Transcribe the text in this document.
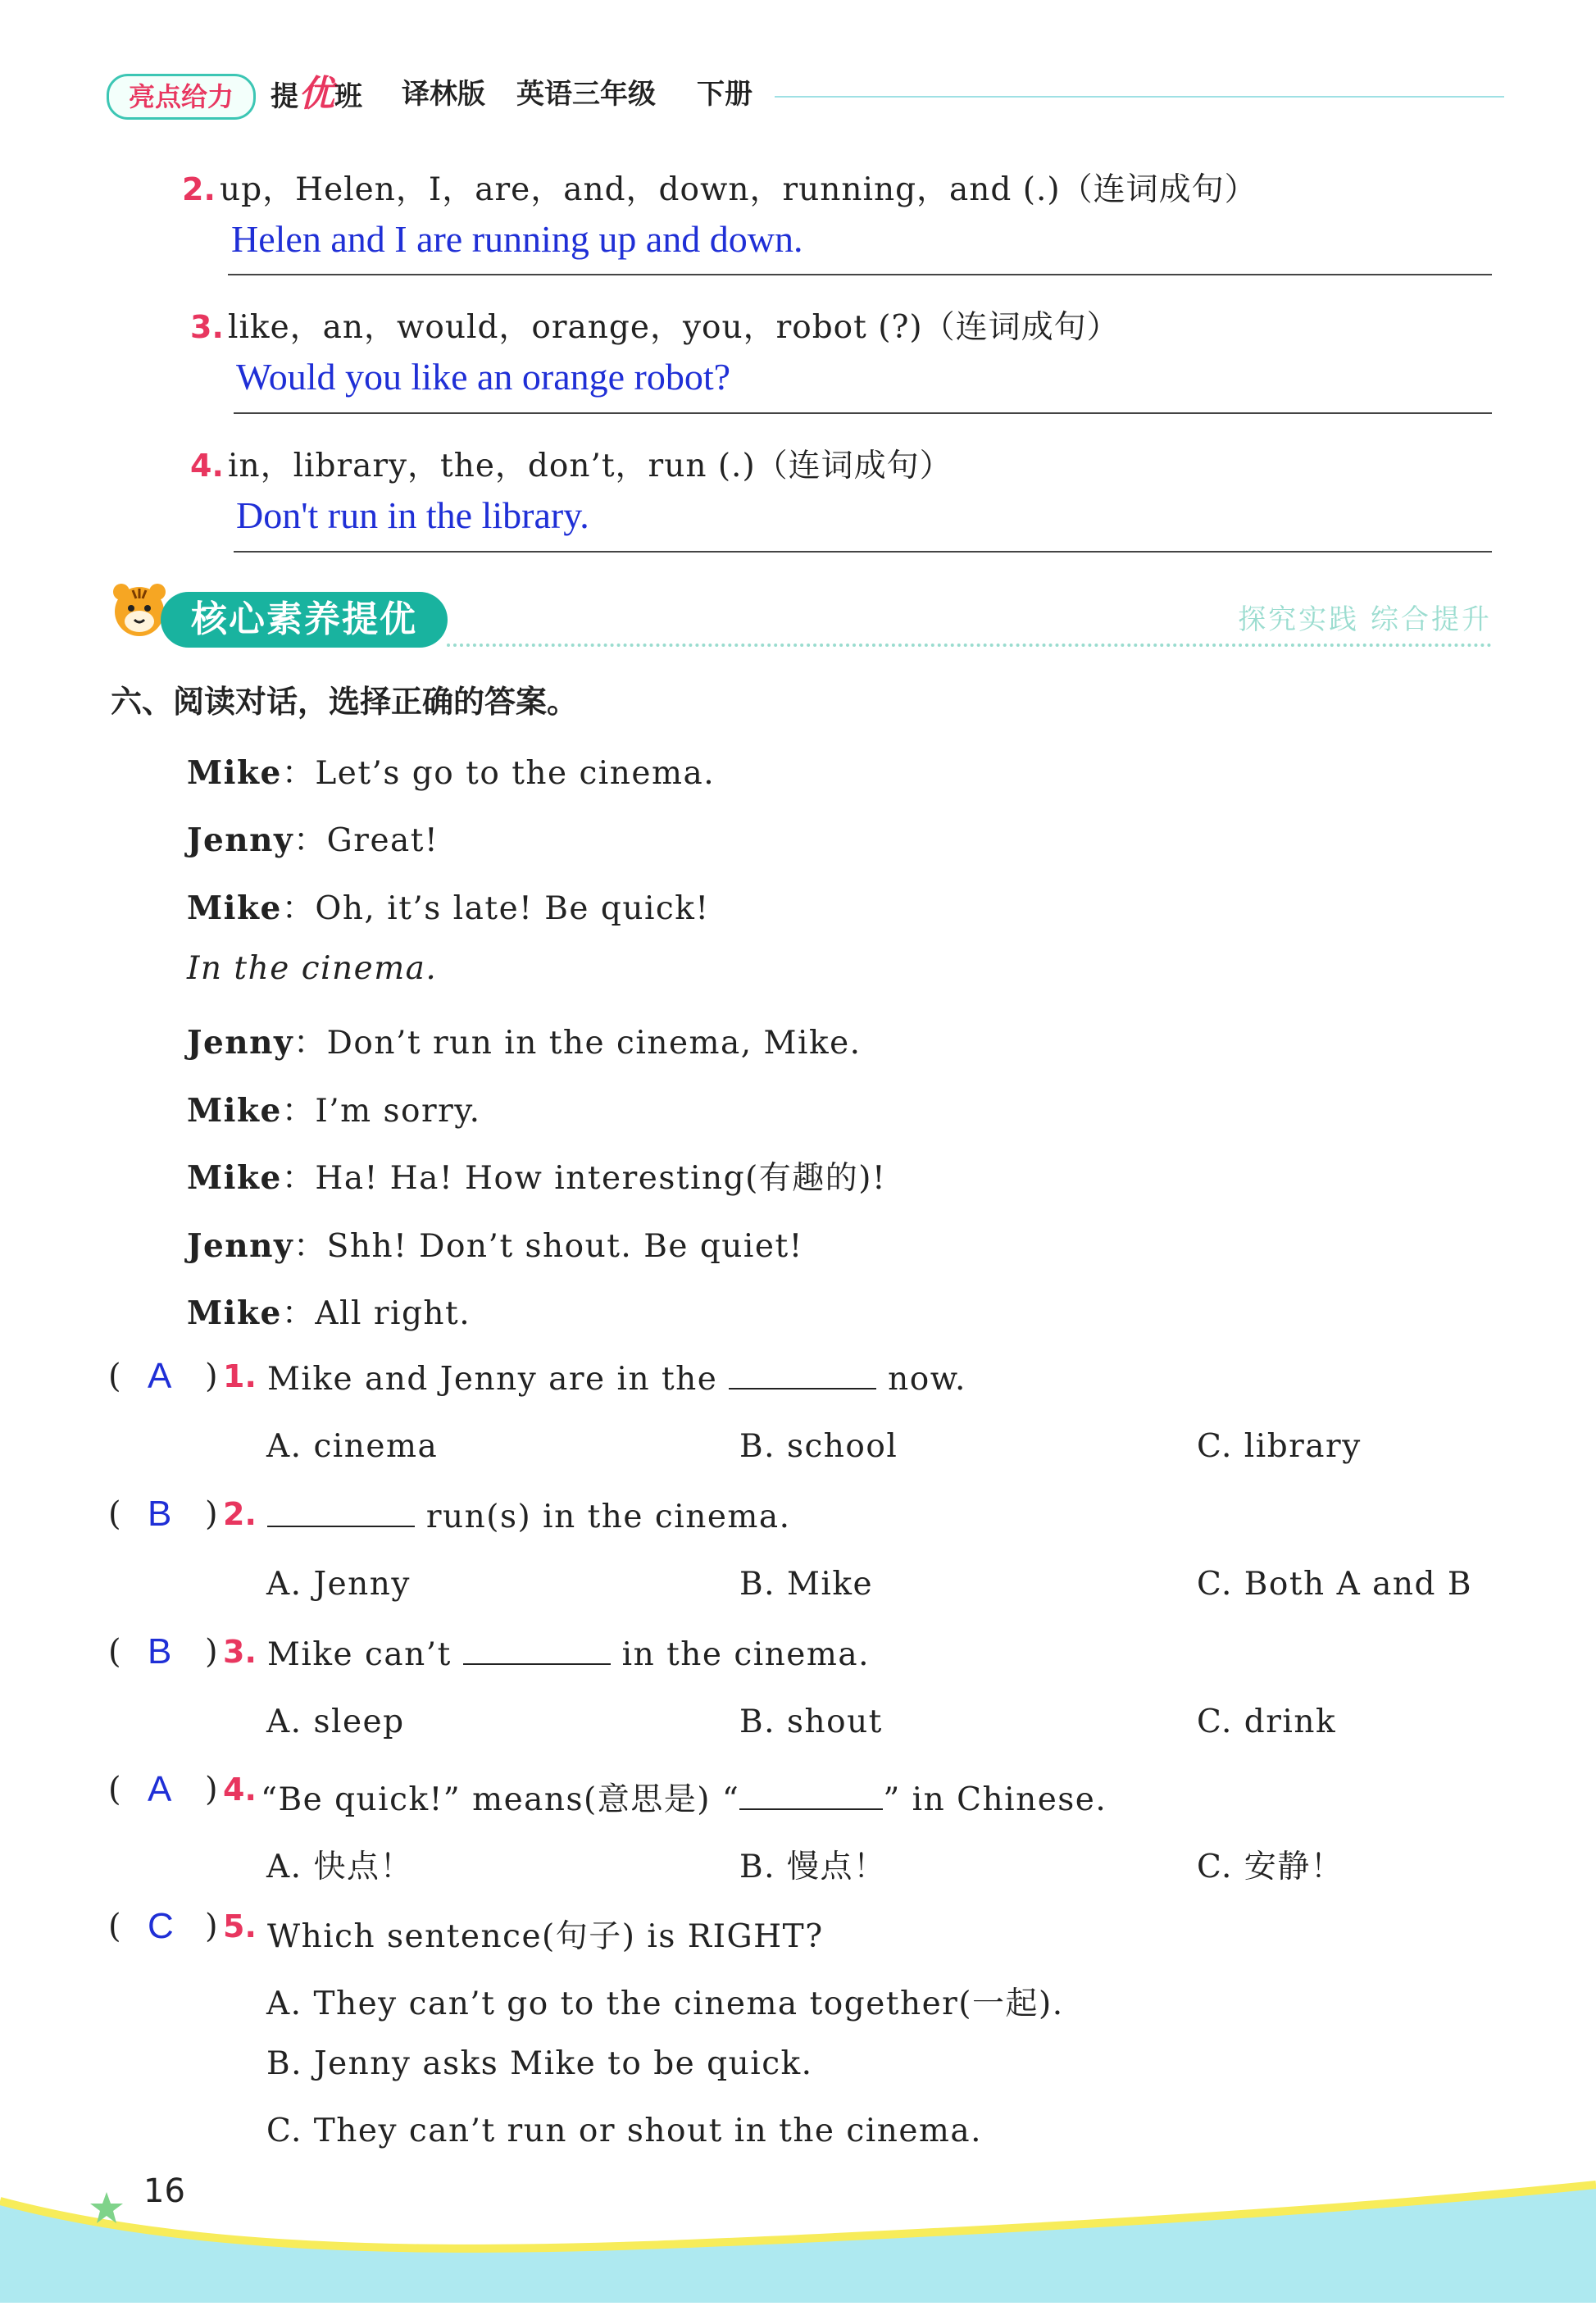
亮点给力	提优班 译林版 英语三年级 下册
2. up，Helen，I，are，and，down，running，and (.)（连词成句）
Helen and I are running up and down.
3. like，an，would，orange，you，robot (?)（连词成句）
Would you like an orange robot?
4. in，library，the，don’t，run (.)（连词成句）
Don't run in the library.
核心素养提优	探究实践 综合提升
六、阅读对话，选择正确的答案。
Mike：Let’s go to the cinema.
Jenny：Great!
Mike：Oh, it’s late! Be quick!
In the cinema.
Jenny：Don’t run in the cinema, Mike.
Mike：I’m sorry.
Mike：Ha! Ha! How interesting(有趣的)!
Jenny：Shh! Don’t shout. Be quiet!
Mike：All right.
( A ) 1. Mike and Jenny are in the	now.
A. cinema	B. school	C. library
( B ) 2.	run(s) in the cinema.
A. Jenny	B. Mike	C. Both A and B
( B ) 3. Mike can’t	in the cinema.
A. sleep	B. shout	C. drink
( A ) 4. “Be quick!” means(意思是) “	” in Chinese.
A. 快点！	B. 慢点！	C. 安静！
( C ) 5. Which sentence(句子) is RIGHT?
A. They can’t go to the cinema together(一起).
B. Jenny asks Mike to be quick.
C. They can’t run or shout in the cinema.
16
